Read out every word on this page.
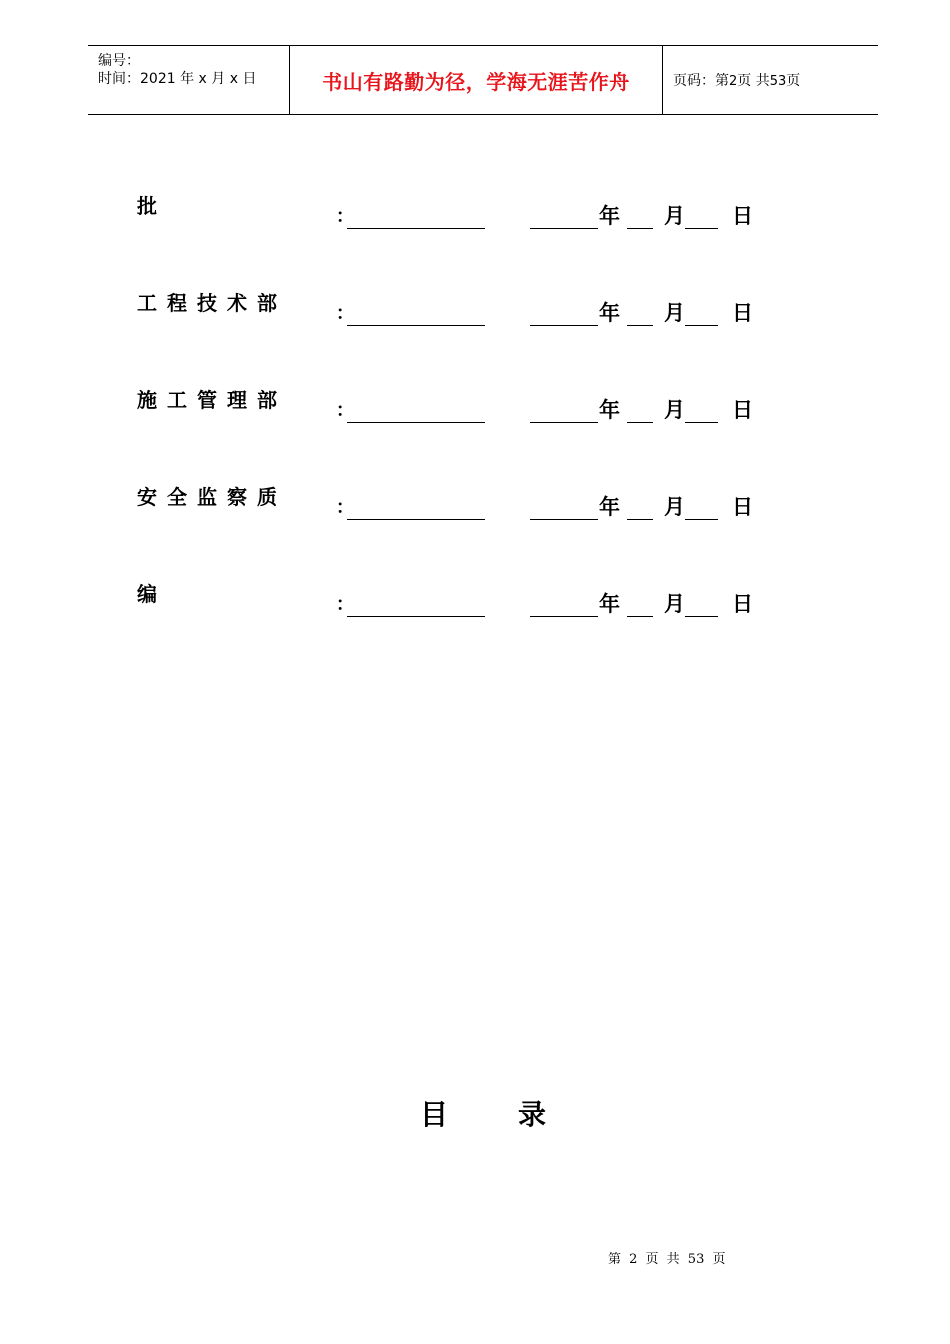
编号：
时间：2021 年 x 月 x 日	书山有路勤为径，学海无涯苦作舟	页码：第2页 共53页
批	：	年 月 日
工程技术部	：	年 月 日
施工管理部	：	年 月 日
安全监察质	：	年 月 日
编	：	年 月 日
目录
第 2 页 共 53 页
